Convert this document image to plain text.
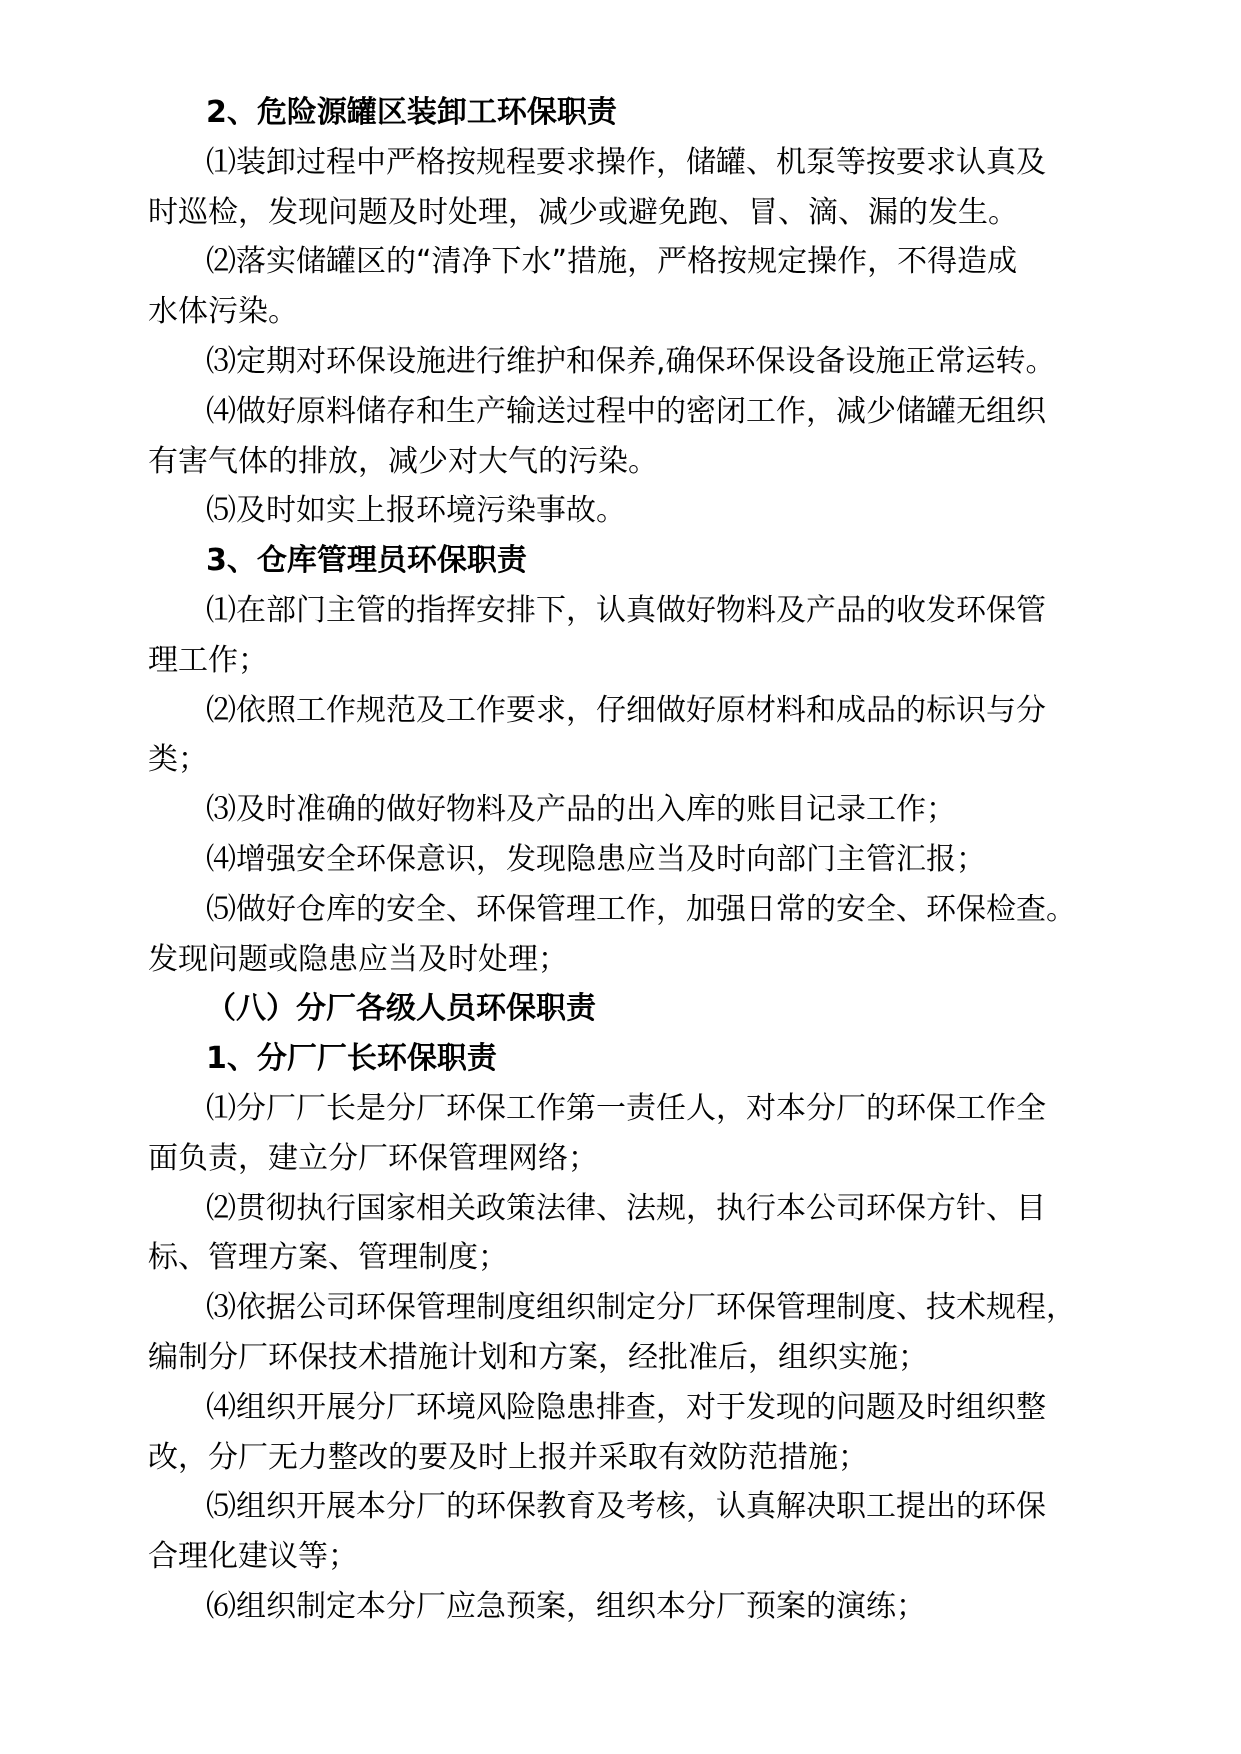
2、危险源罐区装卸工环保职责
⑴装卸过程中严格按规程要求操作，储罐、机泵等按要求认真及
时巡检，发现问题及时处理，减少或避免跑、冒、滴、漏的发生。
⑵落实储罐区的“清净下水”措施，严格按规定操作，不得造成
水体污染。
⑶定期对环保设施进行维护和保养,确保环保设备设施正常运转。
⑷做好原料储存和生产输送过程中的密闭工作，减少储罐无组织
有害气体的排放，减少对大气的污染。
⑸及时如实上报环境污染事故。
3、仓库管理员环保职责
⑴在部门主管的指挥安排下，认真做好物料及产品的收发环保管
理工作；
⑵依照工作规范及工作要求，仔细做好原材料和成品的标识与分
类；
⑶及时准确的做好物料及产品的出入库的账目记录工作；
⑷增强安全环保意识，发现隐患应当及时向部门主管汇报；
⑸做好仓库的安全、环保管理工作，加强日常的安全、环保检查。
发现问题或隐患应当及时处理；
（八）分厂各级人员环保职责
1、分厂厂长环保职责
⑴分厂厂长是分厂环保工作第一责任人，对本分厂的环保工作全
面负责，建立分厂环保管理网络；
⑵贯彻执行国家相关政策法律、法规，执行本公司环保方针、目
标、管理方案、管理制度；
⑶依据公司环保管理制度组织制定分厂环保管理制度、技术规程，
编制分厂环保技术措施计划和方案，经批准后，组织实施；
⑷组织开展分厂环境风险隐患排查，对于发现的问题及时组织整
改，分厂无力整改的要及时上报并采取有效防范措施；
⑸组织开展本分厂的环保教育及考核，认真解决职工提出的环保
合理化建议等；
⑹组织制定本分厂应急预案，组织本分厂预案的演练；
